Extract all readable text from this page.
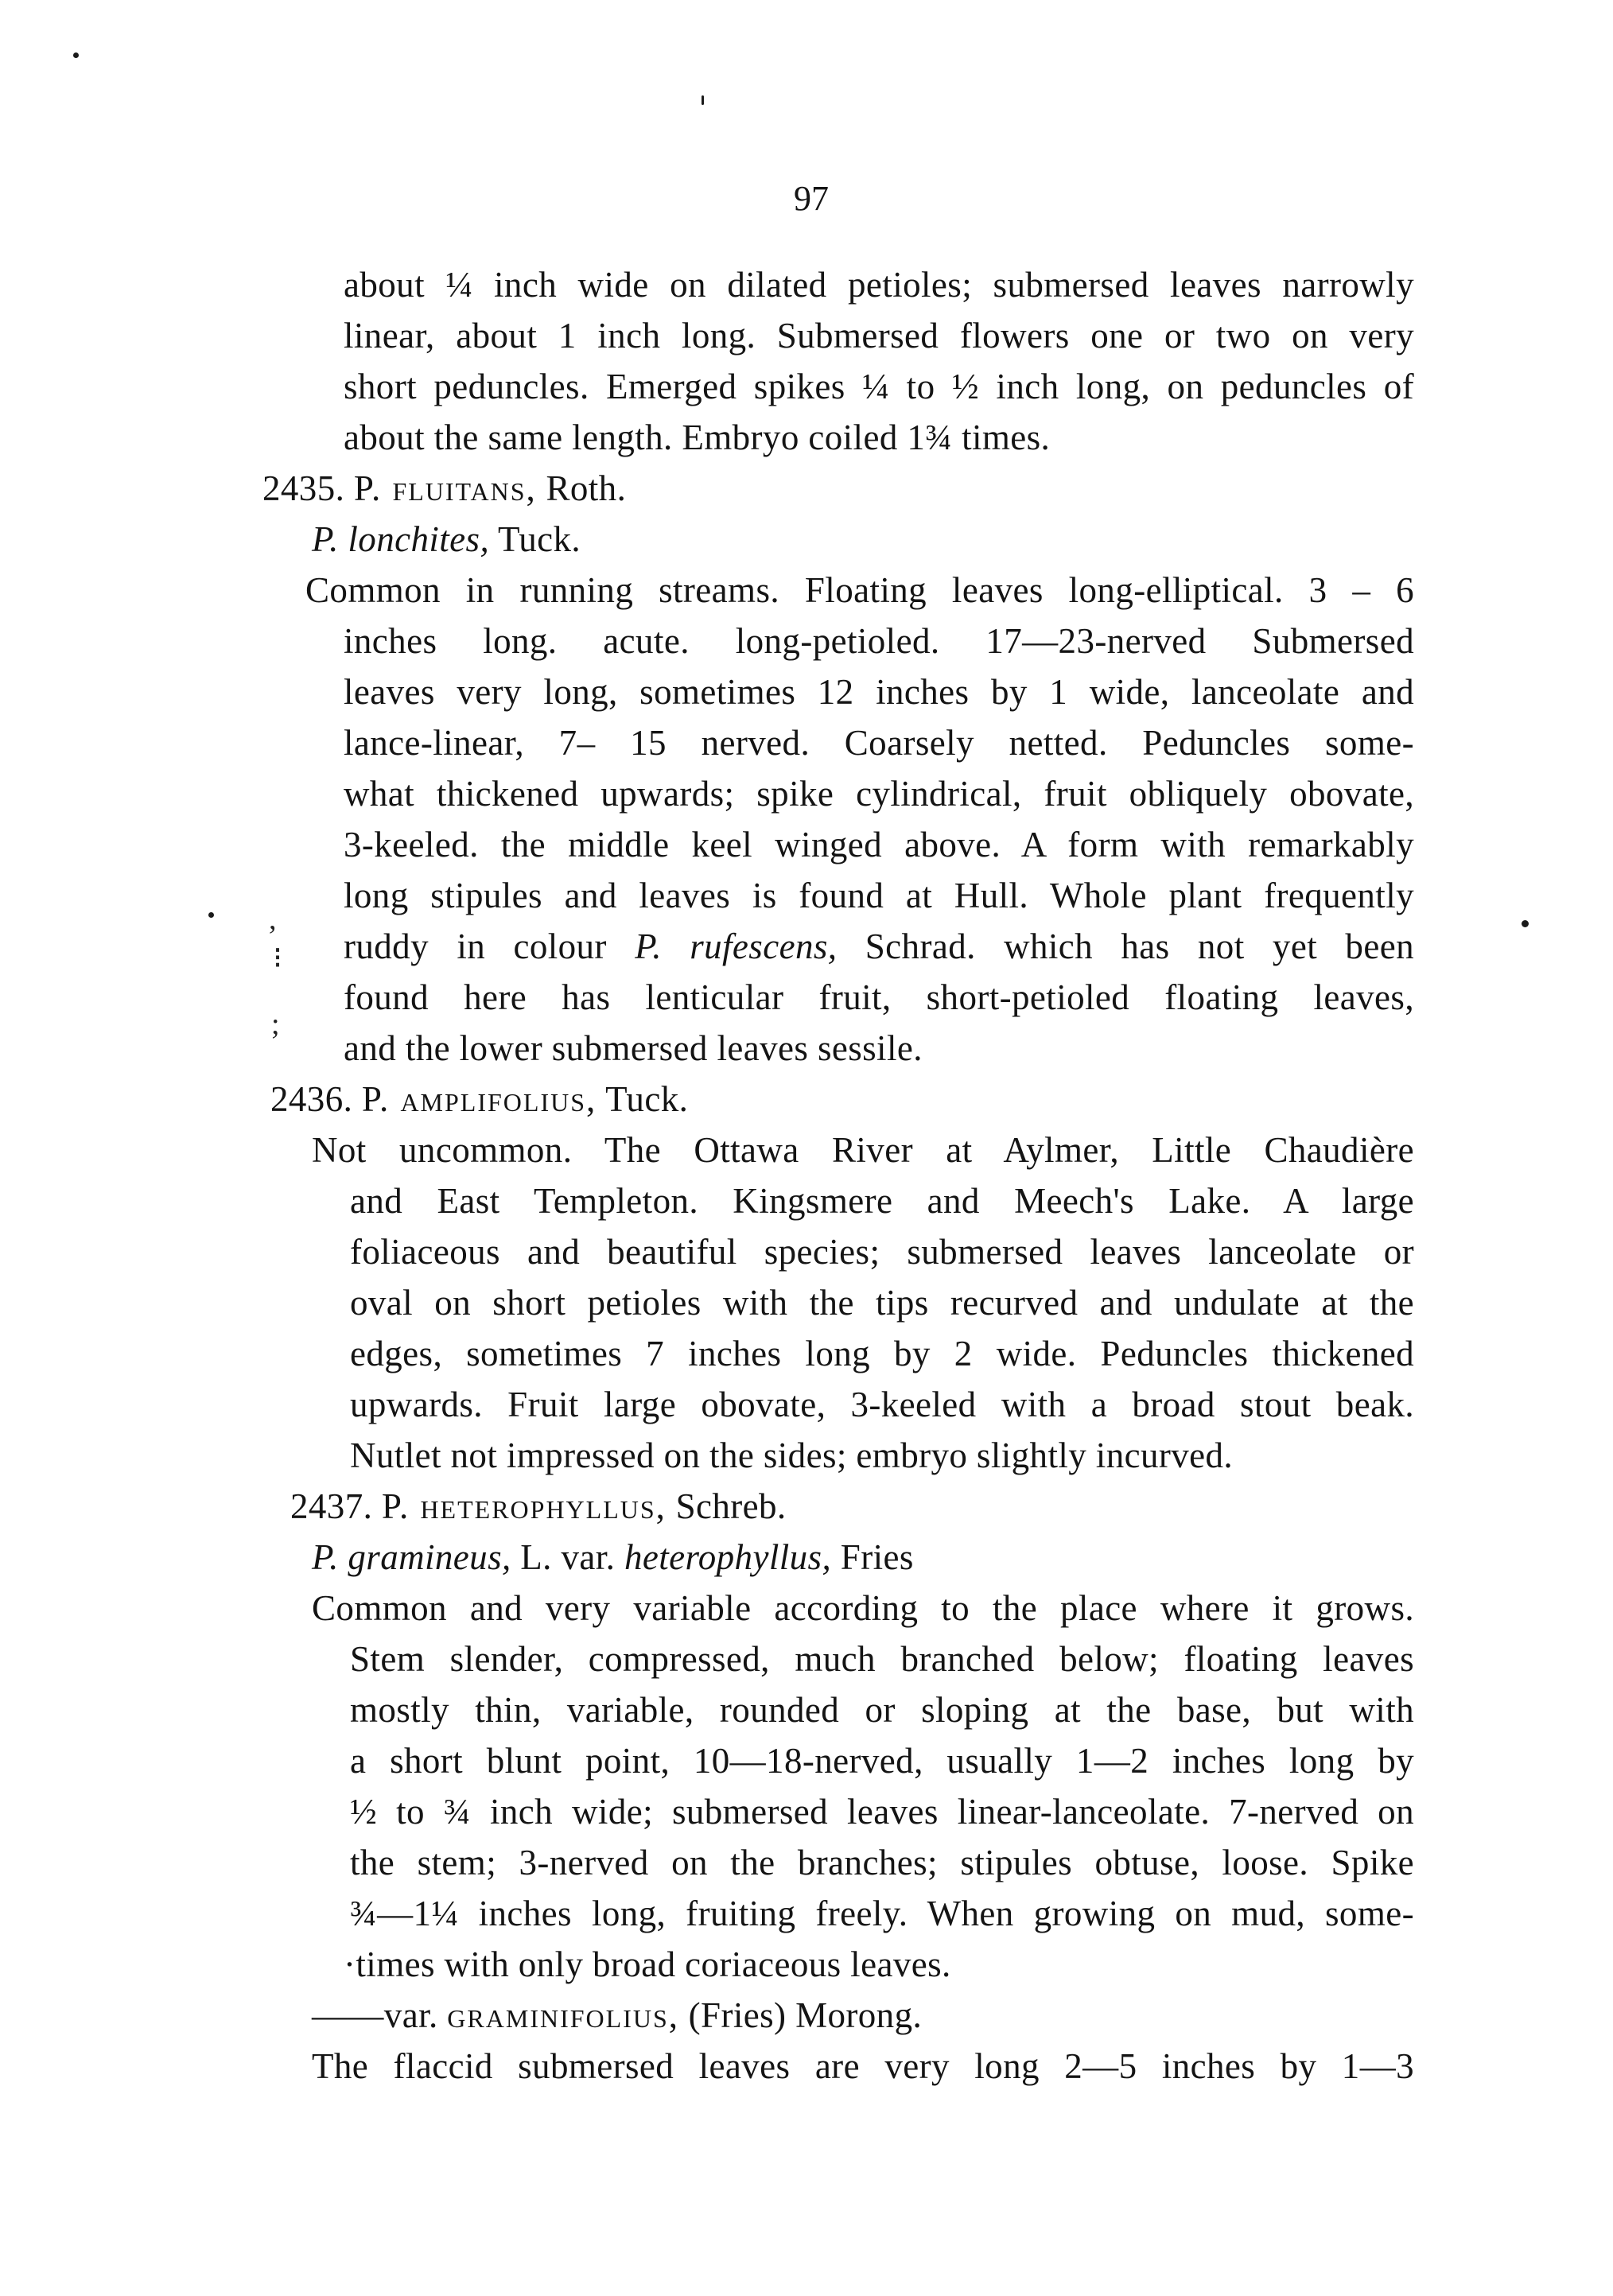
,
⁝
;
97
about ¼ inch wide on dilated petioles; submersed leaves narrowly
linear, about 1 inch long. Submersed flowers one or two on very
short peduncles. Emerged spikes ¼ to ½ inch long, on peduncles of
about the same length. Embryo coiled 1¾ times.
2435. P. fluitans, Roth.
P. lonchites, Tuck.
Common in running streams. Floating leaves long-elliptical. 3 – 6
inches long. acute. long-petioled. 17—23-nerved Submersed
leaves very long, sometimes 12 inches by 1 wide, lanceolate and
lance-linear, 7– 15 nerved. Coarsely netted. Peduncles some-
what thickened upwards; spike cylindrical, fruit obliquely obovate,
3-keeled. the middle keel winged above. A form with remarkably
long stipules and leaves is found at Hull. Whole plant frequently
ruddy in colour P. rufescens, Schrad. which has not yet been
found here has lenticular fruit, short-petioled floating leaves,
and the lower submersed leaves sessile.
2436. P. amplifolius, Tuck.
Not uncommon. The Ottawa River at Aylmer, Little Chaudière
and East Templeton. Kingsmere and Meech's Lake. A large
foliaceous and beautiful species; submersed leaves lanceolate or
oval on short petioles with the tips recurved and undulate at the
edges, sometimes 7 inches long by 2 wide. Peduncles thickened
upwards. Fruit large obovate, 3-keeled with a broad stout beak.
Nutlet not impressed on the sides; embryo slightly incurved.
2437. P. heterophyllus, Schreb.
P. gramineus, L. var. heterophyllus, Fries
Common and very variable according to the place where it grows.
Stem slender, compressed, much branched below; floating leaves
mostly thin, variable, rounded or sloping at the base, but with
a short blunt point, 10—18-nerved, usually 1—2 inches long by
½ to ¾ inch wide; submersed leaves linear-lanceolate. 7-nerved on
the stem; 3-nerved on the branches; stipules obtuse, loose. Spike
¾—1¼ inches long, fruiting freely. When growing on mud, some-
·times with only broad coriaceous leaves.
——var. graminifolius, (Fries) Morong.
The flaccid submersed leaves are very long 2—5 inches by 1—3
